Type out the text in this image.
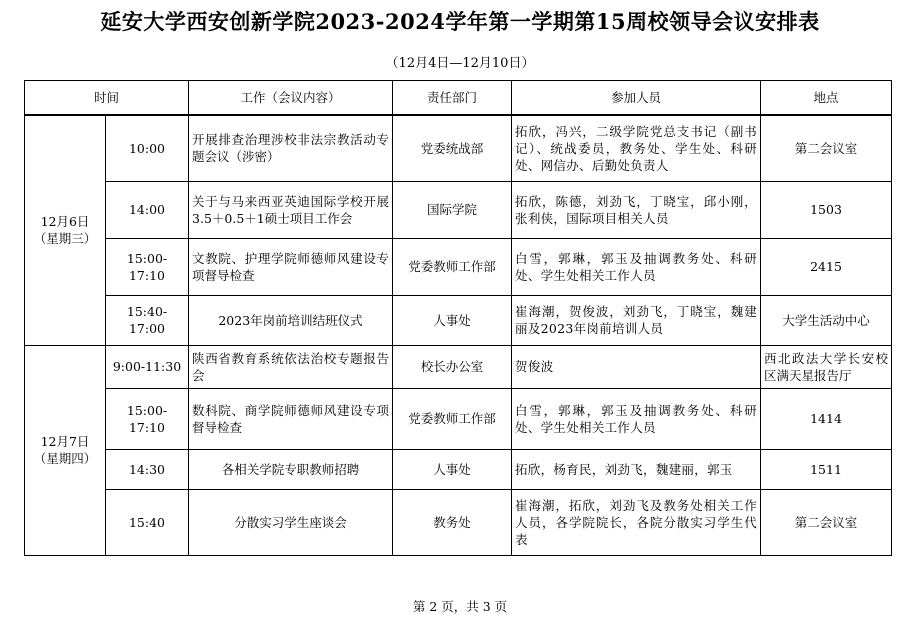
延安大学西安创新学院2023-2024学年第一学期第15周校领导会议安排表
（12月4日—12月10日）
时间		工作（会议内容）	责任部门	参加人员	地点

12月6日
（星期三）	10:00	开展排查治理涉校非法宗教活动专题会议（涉密）	党委统战部	拓欣，冯兴，二级学院党总支书记（副书记）、统战委员，教务处、学生处、科研处、网信办、后勤处负责人	第二会议室
	14:00	关于与马来西亚英迪国际学校开展3.5＋0.5＋1硕士项目工作会	国际学院	拓欣，陈德，刘劲飞，丁晓宝，邱小刚，张利侠，国际项目相关人员	1503
	15:00-17:10	文教院、护理学院师德师风建设专项督导检查	党委教师工作部	白雪，郭琳，郭玉及抽调教务处、科研处、学生处相关工作人员	2415
	15:40-17:00	2023年岗前培训结班仪式	人事处	崔海潮，贺俊波，刘劲飞，丁晓宝，魏建丽及2023年岗前培训人员	大学生活动中心

12月7日
（星期四）	9:00-11:30	陕西省教育系统依法治校专题报告会	校长办公室	贺俊波	西北政法大学长安校区满天星报告厅
	15:00-17:10	数科院、商学院师德师风建设专项督导检查	党委教师工作部	白雪，郭琳，郭玉及抽调教务处、科研处、学生处相关工作人员	1414
	14:30	各相关学院专职教师招聘	人事处	拓欣，杨育民，刘劲飞，魏建丽，郭玉	1511
	15:40	分散实习学生座谈会	教务处	崔海潮，拓欣，刘劲飞及教务处相关工作人员，各学院院长，各院分散实习学生代表	第二会议室
第 2 页，共 3 页
